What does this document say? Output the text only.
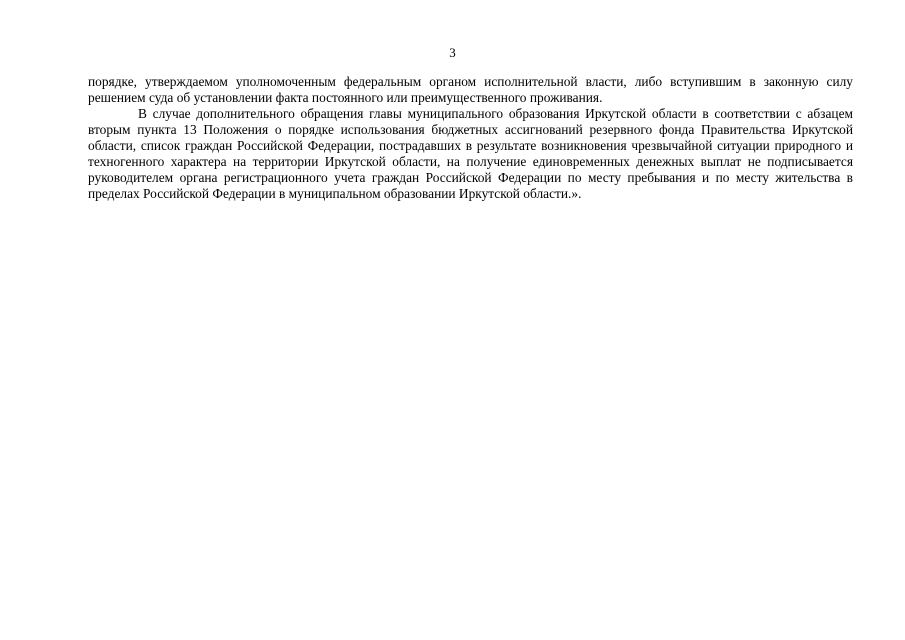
3

порядке, утверждаемом уполномоченным федеральным органом исполнительной власти, либо вступившим в законную силу решением суда об установлении факта постоянного или преимущественного проживания.

В случае дополнительного обращения главы муниципального образования Иркутской области в соответствии с абзацем вторым пункта 13 Положения о порядке использования бюджетных ассигнований резервного фонда Правительства Иркутской области, список граждан Российской Федерации, пострадавших в результате возникновения чрезвычайной ситуации природного и техногенного характера на территории Иркутской области, на получение единовременных денежных выплат не подписывается руководителем органа регистрационного учета граждан Российской Федерации по месту пребывания и по месту жительства в пределах Российской Федерации в муниципальном образовании Иркутской области.».
